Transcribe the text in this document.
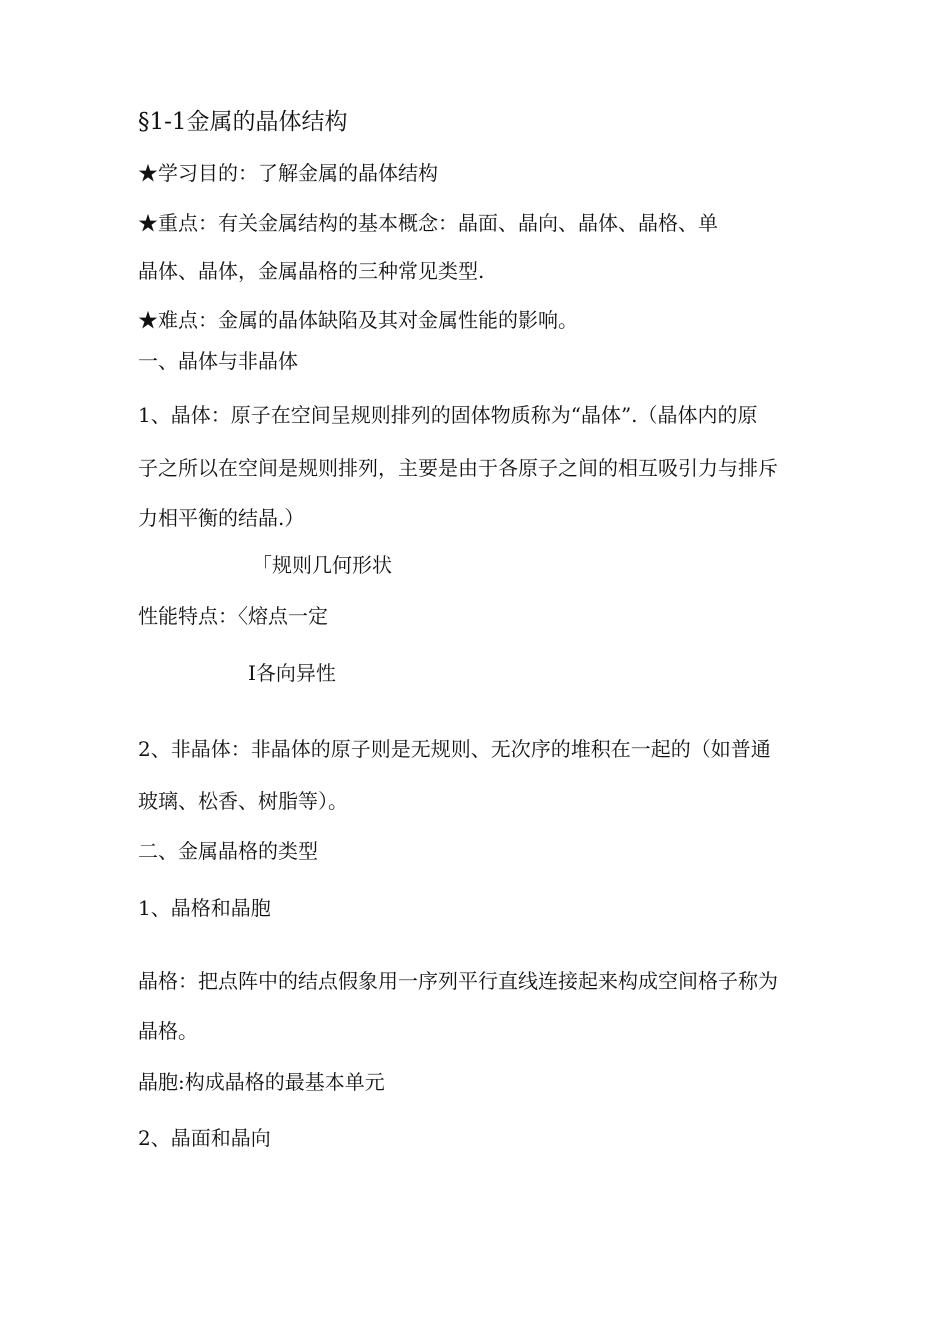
§1-1金属的晶体结构
★学习目的：了解金属的晶体结构
★重点：有关金属结构的基本概念：晶面、晶向、晶体、晶格、单
晶体、晶体，金属晶格的三种常见类型.
★难点：金属的晶体缺陷及其对金属性能的影响。
一、晶体与非晶体
1、晶体：原子在空间呈规则排列的固体物质称为“晶体”.（晶体内的原
子之所以在空间是规则排列，主要是由于各原子之间的相互吸引力与排斥
力相平衡的结晶.）
「规则几何形状
性能特点：〈熔点一定
I各向异性
2、非晶体：非晶体的原子则是无规则、无次序的堆积在一起的（如普通
玻璃、松香、树脂等）。
二、金属晶格的类型
1、晶格和晶胞
晶格：把点阵中的结点假象用一序列平行直线连接起来构成空间格子称为
晶格。
晶胞:构成晶格的最基本单元
2、晶面和晶向
